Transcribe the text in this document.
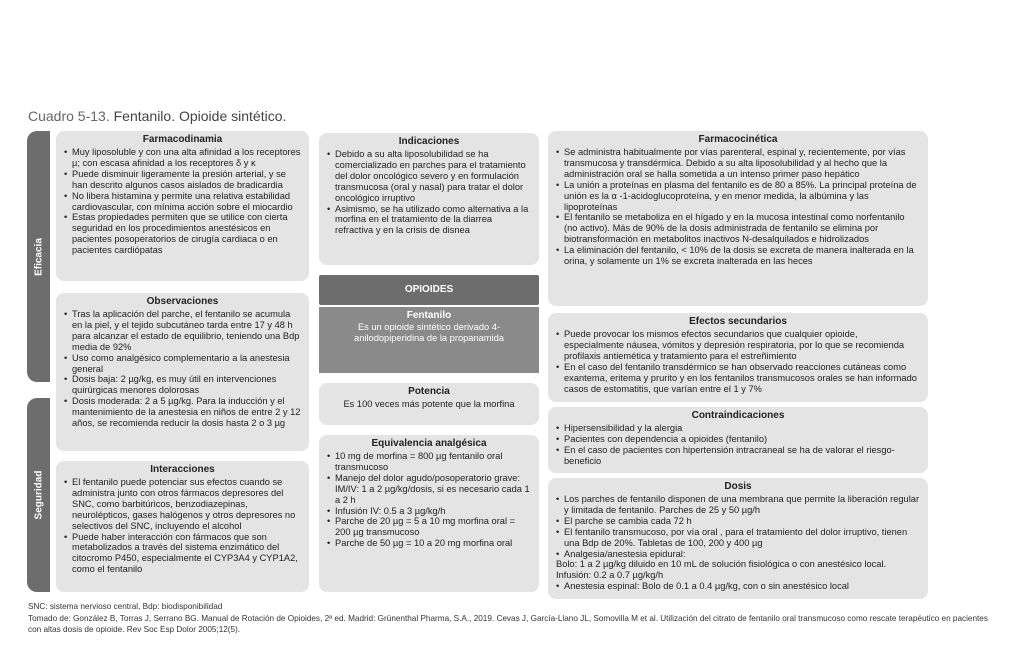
Cuadro 5-13. Fentanilo. Opioide sintético.
Eficacia
Seguridad
Farmacodinamia
• Muy liposoluble y con una alta afinidad a los receptores µ; con escasa afinidad a los receptores δ y κ
• Puede disminuir ligeramente la presión arterial, y se han descrito algunos casos aislados de bradicardia
• No libera histamina y permite una relativa estabilidad cardiovascular, con mínima acción sobre el miocardio
• Estas propiedades permiten que se utilice con cierta seguridad en los procedimientos anestésicos en pacientes posoperatorios de cirugía cardiaca o en pacientes cardiópatas
Observaciones
• Tras la aplicación del parche, el fentanilo se acumula en la piel, y el tejido subcutáneo tarda entre 17 y 48 h para alcanzar el estado de equilibrio, teniendo una Bdp media de 92%
• Uso como analgésico complementario a la anestesia general
• Dosis baja: 2 µg/kg, es muy útil en intervenciones quirúrgicas menores dolorosas
• Dosis moderada: 2 a 5 µg/kg. Para la inducción y el mantenimiento de la anestesia en niños de entre 2 y 12 años, se recomienda reducir la dosis hasta 2 o 3 µg
Interacciones
• El fentanilo puede potenciar sus efectos cuando se administra junto con otros fármacos depresores del SNC, como barbitúricos, benzodiazepinas, neurolépticos, gases halógenos y otros depresores no selectivos del SNC, incluyendo el alcohol
• Puede haber interacción con fármacos que son metabolizados a través del sistema enzimático del citocromo P450, especialmente el CYP3A4 y CYP1A2, como el fentanilo
Indicaciones
• Debido a su alta liposolubilidad se ha comercializado en parches para el tratamiento del dolor oncológico severo y en formulación transmucosa (oral y nasal) para tratar el dolor oncológico irruptivo
• Asimismo, se ha utilizado como alternativa a la morfina en el tratamiento de la diarrea refractiva y en la crisis de disnea
OPIOIDES
Fentanilo

Es un opioide sintético derivado 4-anilodopiperidina de la propanamida

Potencia

Es 100 veces más potente que la morfina

Equivalencia analgésica
• 10 mg de morfina = 800 µg fentanilo oral transmucoso
• Manejo del dolor agudo/posoperatorio grave: IM/IV: 1 a 2 µg/kg/dosis, si es necesario cada 1 a 2 h
• Infusión IV: 0.5 a 3 µg/kg/h
• Parche de 20 µg = 5 a 10 mg morfina oral = 200 µg transmucoso
• Parche de 50 µg = 10 a 20 mg morfina oral
Farmacocinética
• Se administra habitualmente por vías parenteral, espinal y, recientemente, por vías transmucosa y transdérmica. Debido a su alta liposolubilidad y al hecho que la administración oral se halla sometida a un intenso primer paso hepático
• La unión a proteínas en plasma del fentanilo es de 80 a 85%. La principal proteína de unión es la α -1-acidoglucoproteína, y en menor medida, la albúmina y las lipoproteínas
• El fentanilo se metaboliza en el hígado y en la mucosa intestinal como norfentanilo (no activo). Más de 90% de la dosis administrada de fentanilo se elimina por biotransformación en metabolitos inactivos N-desalquilados e hidrolizados
• La eliminación del fentanilo, < 10% de la dosis se excreta de manera inalterada en la orina, y solamente un 1% se excreta inalterada en las heces
Efectos secundarios
• Puede provocar los mismos efectos secundarios que cualquier opioide, especialmente náusea, vómitos y depresión respiratoria, por lo que se recomienda profilaxis antiemética y tratamiento para el estreñimiento
• En el caso del fentanilo transdérmico se han observado reacciones cutáneas como exantema, eritema y prurito y en los fentanilos transmucosos orales se han informado casos de estomatitis, que varían entre el 1 y 7%
Contraindicaciones
• Hipersensibilidad y la alergia
• Pacientes con dependencia a opioides (fentanilo)
• En el caso de pacientes con hipertensión intracraneal se ha de valorar el riesgo-beneficio
Dosis
• Los parches de fentanilo disponen de una membrana que permite la liberación regular y limitada de fentanilo. Parches de 25 y 50 µg/h
• El parche se cambia cada 72 h
• El fentanilo transmucoso, por vía oral , para el tratamiento del dolor irruptivo, tienen una Bdp de 20%. Tabletas de 100, 200 y 400 µg
• Analgesia/anestesia epidural:
Bolo: 1 a 2 µg/kg diluido en 10 mL de solución fisiológica o con anestésico local.
Infusión: 0.2 a 0.7 µg/kg/h
• Anestesia espinal: Bolo de 0.1 a 0.4 µg/kg, con o sin anestésico local
SNC: sistema nervioso central, Bdp: biodisponibilidad
Tomado de: González B, Torras J, Serrano BG. Manual de Rotación de Opioides, 2ª ed. Madrid: Grünenthal Pharma, S.A., 2019. Cevas J, García-Llano JL, Somovilla M et al. Utilización del citrato de fentanilo oral transmucoso como rescate terapéutico en pacientes con altas dosis de opioide. Rev Soc Esp Dolor 2005;12(5).
